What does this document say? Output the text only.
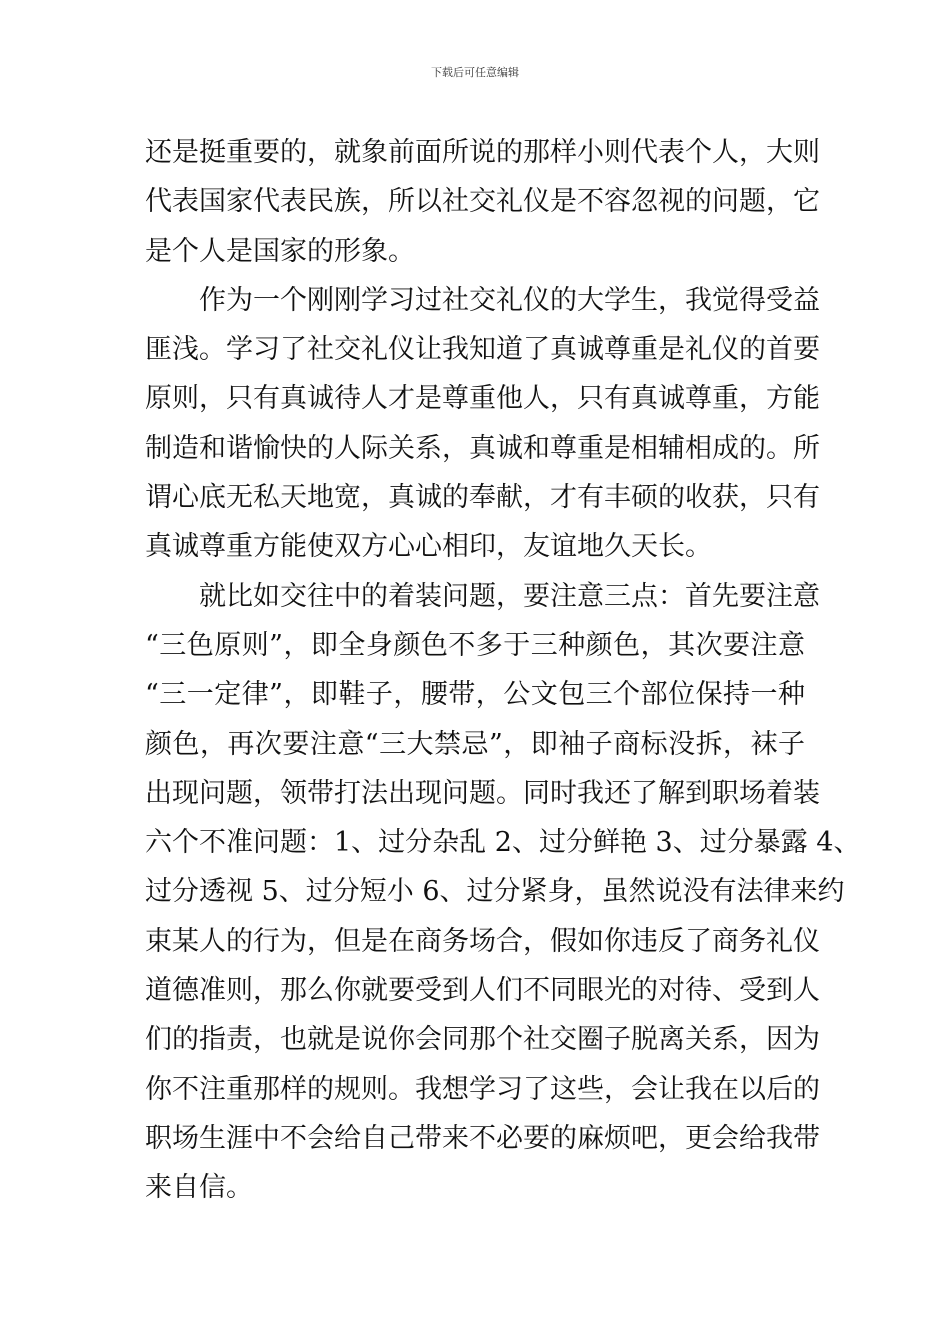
下载后可任意编辑
还是挺重要的，就象前面所说的那样小则代表个人，大则
代表国家代表民族，所以社交礼仪是不容忽视的问题，它
是个人是国家的形象。
作为一个刚刚学习过社交礼仪的大学生，我觉得受益
匪浅。学习了社交礼仪让我知道了真诚尊重是礼仪的首要
原则，只有真诚待人才是尊重他人，只有真诚尊重，方能
制造和谐愉快的人际关系，真诚和尊重是相辅相成的。所
谓心底无私天地宽，真诚的奉献，才有丰硕的收获，只有
真诚尊重方能使双方心心相印，友谊地久天长。
就比如交往中的着装问题，要注意三点：首先要注意
“三色原则”，即全身颜色不多于三种颜色，其次要注意
“三一定律”，即鞋子，腰带，公文包三个部位保持一种
颜色，再次要注意“三大禁忌”，即袖子商标没拆，袜子
出现问题，领带打法出现问题。同时我还了解到职场着装
六个不准问题：1、过分杂乱 2、过分鲜艳 3、过分暴露 4、
过分透视 5、过分短小 6、过分紧身，虽然说没有法律来约
束某人的行为，但是在商务场合，假如你违反了商务礼仪
道德准则，那么你就要受到人们不同眼光的对待、受到人
们的指责，也就是说你会同那个社交圈子脱离关系，因为
你不注重那样的规则。我想学习了这些，会让我在以后的
职场生涯中不会给自己带来不必要的麻烦吧，更会给我带
来自信。
